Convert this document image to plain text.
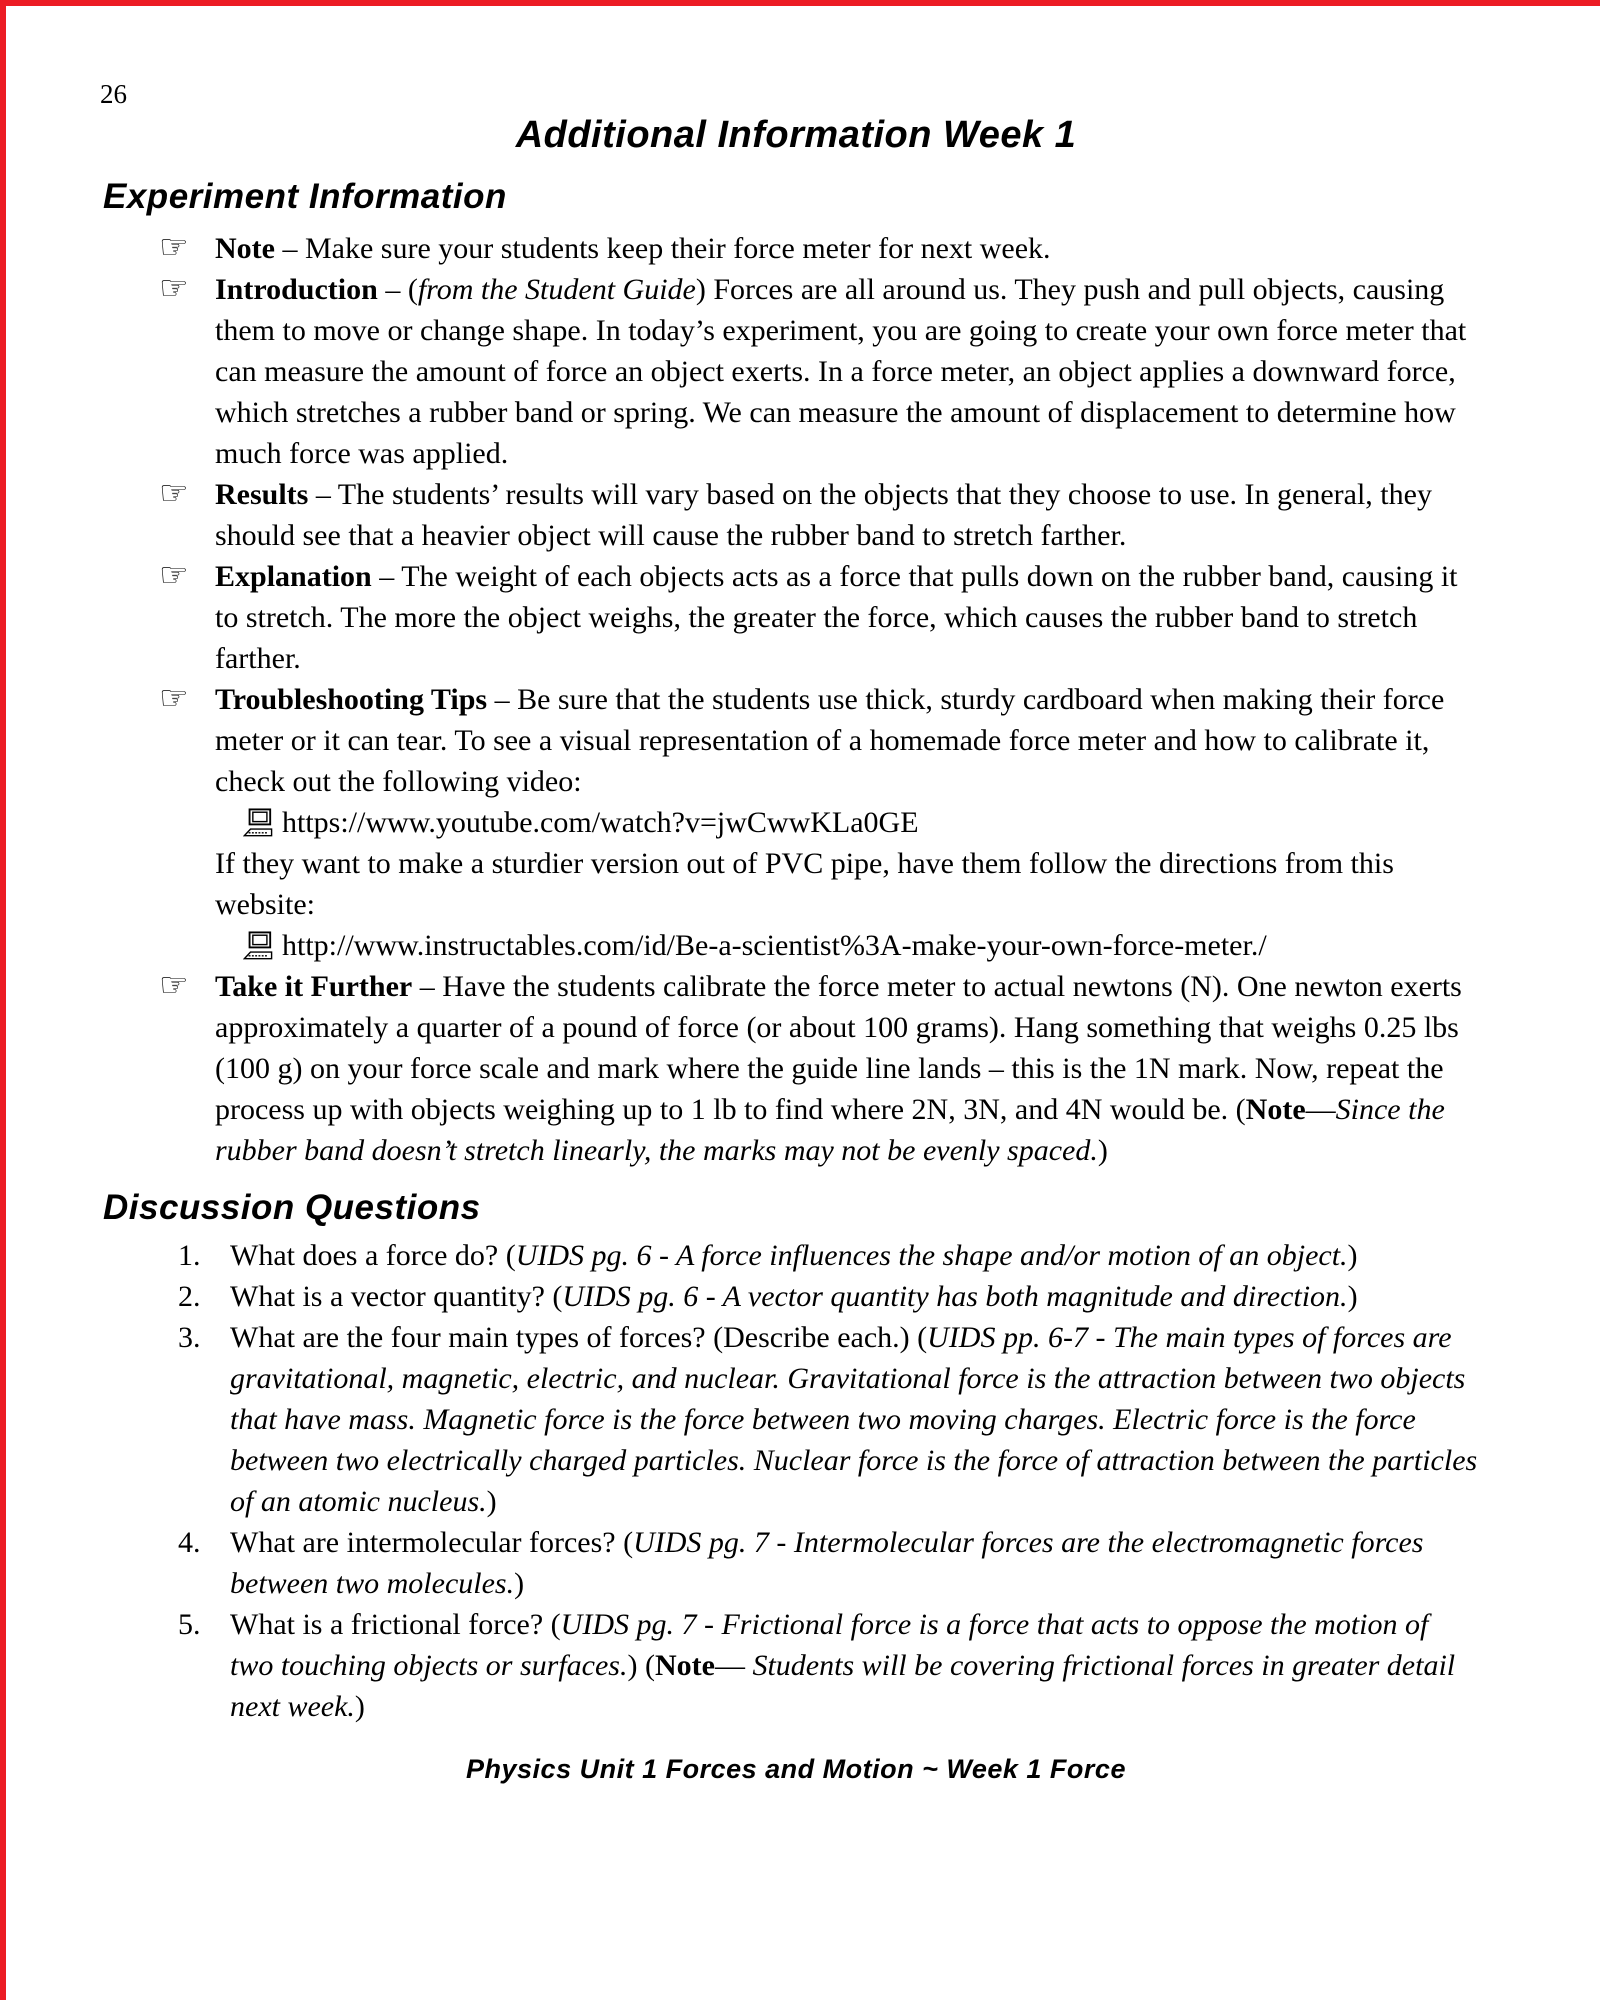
26
Additional Information Week 1
Experiment Information
☞ Note – Make sure your students keep their force meter for next week.
☞ Introduction – (from the Student Guide) Forces are all around us. They push and pull objects, causing them to move or change shape. In today’s experiment, you are going to create your own force meter that can measure the amount of force an object exerts. In a force meter, an object applies a downward force, which stretches a rubber band or spring. We can measure the amount of displacement to determine how much force was applied.
☞ Results – The students’ results will vary based on the objects that they choose to use. In general, they should see that a heavier object will cause the rubber band to stretch farther.
☞ Explanation – The weight of each objects acts as a force that pulls down on the rubber band, causing it to stretch. The more the object weighs, the greater the force, which causes the rubber band to stretch farther.
☞ Troubleshooting Tips – Be sure that the students use thick, sturdy cardboard when making their force meter or it can tear. To see a visual representation of a homemade force meter and how to calibrate it, check out the following video:
https://www.youtube.com/watch?v=jwCwwKLa0GE
If they want to make a sturdier version out of PVC pipe, have them follow the directions from this website:
http://www.instructables.com/id/Be-a-scientist%3A-make-your-own-force-meter./
☞ Take it Further – Have the students calibrate the force meter to actual newtons (N). One newton exerts approximately a quarter of a pound of force (or about 100 grams). Hang something that weighs 0.25 lbs (100 g) on your force scale and mark where the guide line lands – this is the 1N mark. Now, repeat the process up with objects weighing up to 1 lb to find where 2N, 3N, and 4N would be. (Note—Since the rubber band doesn’t stretch linearly, the marks may not be evenly spaced.)
Discussion Questions
1. What does a force do? (UIDS pg. 6 - A force influences the shape and/or motion of an object.)
2. What is a vector quantity? (UIDS pg. 6 - A vector quantity has both magnitude and direction.)
3. What are the four main types of forces? (Describe each.) (UIDS pp. 6-7 - The main types of forces are gravitational, magnetic, electric, and nuclear. Gravitational force is the attraction between two objects that have mass. Magnetic force is the force between two moving charges. Electric force is the force between two electrically charged particles. Nuclear force is the force of attraction between the particles of an atomic nucleus.)
4. What are intermolecular forces? (UIDS pg. 7 - Intermolecular forces are the electromagnetic forces between two molecules.)
5. What is a frictional force? (UIDS pg. 7 - Frictional force is a force that acts to oppose the motion of two touching objects or surfaces.) (Note— Students will be covering frictional forces in greater detail next week.)
Physics Unit 1 Forces and Motion ~ Week 1 Force
